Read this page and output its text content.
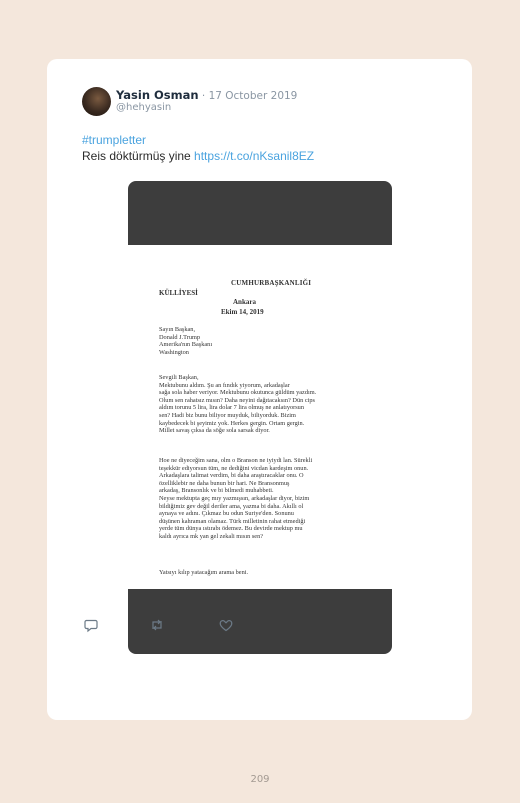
Yasin Osman · 17 October 2019
@hehyasin
#trumpletter
Reis döktürmüş yine https://t.co/nKsanil8EZ
CUMHURBAŞKANLIĞI
KÜLLİYESİ
Ankara
Ekim 14, 2019
Sayın Başkan,
Donald J.Trump
Amerika'nın Başkanı
Washington
Sevgili Başkan,
Mektubunu aldım. Şu an fındık yiyorum, arkadaşlar
sağa sola haber veriyor. Mektubunu okutunca güldüm yazdım.
Olum sen rahatsız mısın? Daha neyini dağıtacaksın? Dün cips
aldım torunu 5 lira, lira dolar 7 lira olmuş ne anlatıyorsun
sen? Hadi biz bunu biliyor muyduk, biliyorduk. Bizim
kaybedecek bi şeyimiz yok. Herkes gergin. Ortam gergin.
Millet savaş çıksa da söğe sola sarsak diyor.
Hoe ne diyeceğim sana, olm o Branson ne iyiydi lan. Sürekli
teşekkür ediyorsun tüm, ne dediğini vicdan kardeşim onun.
Arkadaşlara talimat verdim, bi daha araştıracaklar onu. O
özelliklebir ne daha bunun bir hari. Ne Bransonmuş
arkadaş, Bransonlık ve bi bilmedi muhabbeti.
Neyse mektupta geç mıy yazmışsın, arkadaşlar diyor, bizim
bildiğimiz gev değil deriler ama, yazma bi daha. Akıllı ol
aynaya ve adını. Çıkmaz bu odun Suriye'den. Sonunu
düşünen kahraman olamaz. Türk milletinin rahat etmediği
yerde tüm dünya ıstırabı ödemez. Bu devirde mektup mu
kaldı ayrıca mk yan gel zekali mısın sen?
Yatsıyı kılıp yatacağım arama beni.
209
